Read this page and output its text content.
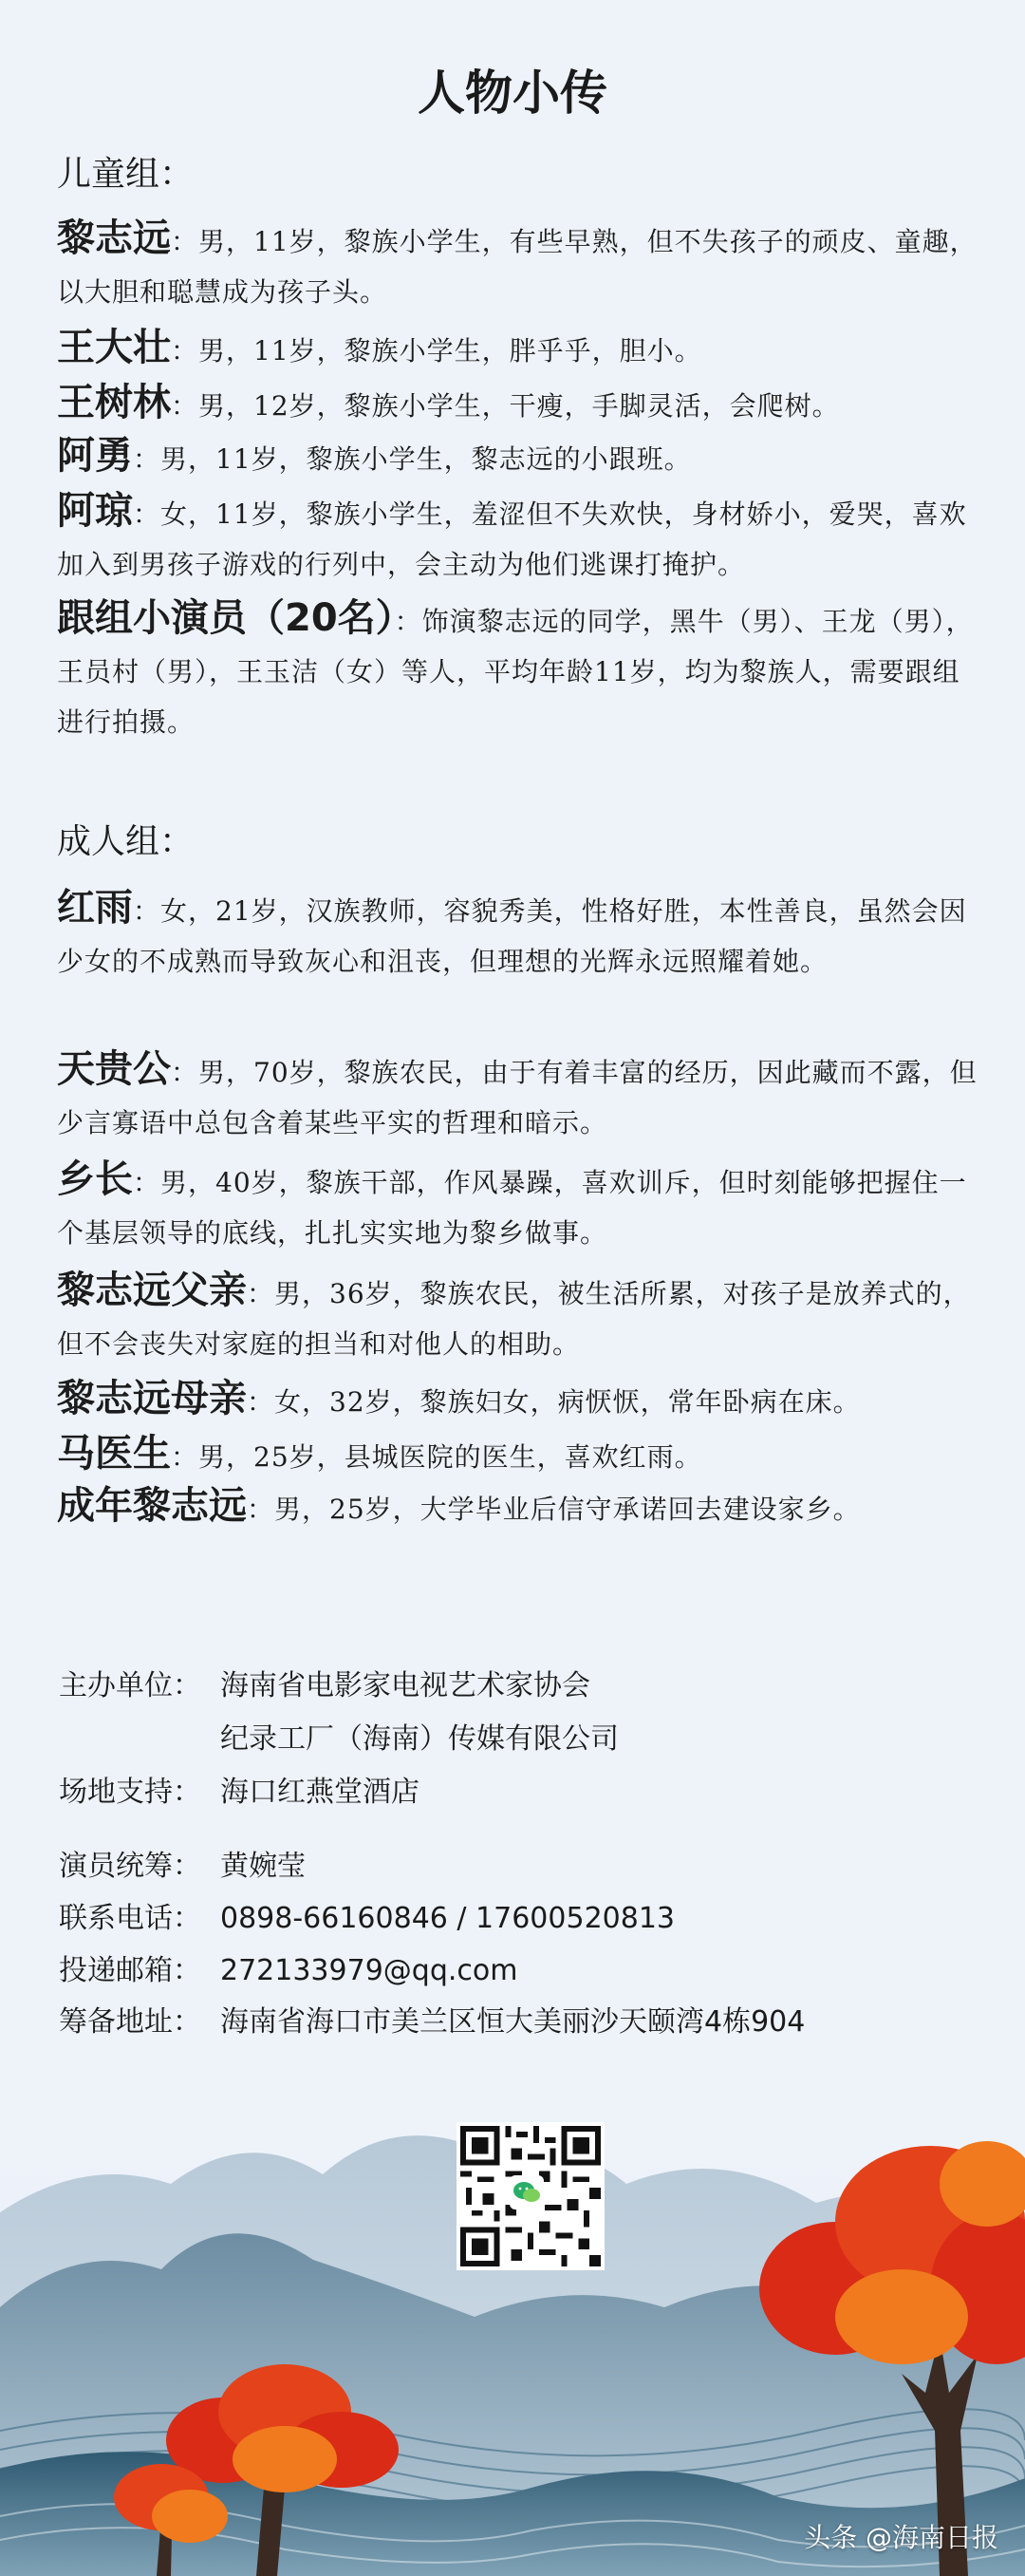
人物小传
儿童组：
黎志远：男，11岁，黎族小学生，有些早熟，但不失孩子的顽皮、童趣，以大胆和聪慧成为孩子头。
王大壮：男，11岁，黎族小学生，胖乎乎，胆小。
王树林：男，12岁，黎族小学生，干瘦，手脚灵活，会爬树。
阿勇：男，11岁，黎族小学生，黎志远的小跟班。
阿琼：女，11岁，黎族小学生，羞涩但不失欢快，身材娇小，爱哭，喜欢加入到男孩子游戏的行列中，会主动为他们逃课打掩护。
跟组小演员（20名）：饰演黎志远的同学，黑牛（男）、王龙（男），王员村（男），王玉洁（女）等人，平均年龄11岁，均为黎族人，需要跟组进行拍摄。
成人组：
红雨：女，21岁，汉族教师，容貌秀美，性格好胜，本性善良，虽然会因少女的不成熟而导致灰心和沮丧，但理想的光辉永远照耀着她。
天贵公：男，70岁，黎族农民，由于有着丰富的经历，因此藏而不露，但少言寡语中总包含着某些平实的哲理和暗示。
乡长：男，40岁，黎族干部，作风暴躁，喜欢训斥，但时刻能够把握住一个基层领导的底线，扎扎实实地为黎乡做事。
黎志远父亲：男，36岁，黎族农民，被生活所累，对孩子是放养式的，但不会丧失对家庭的担当和对他人的相助。
黎志远母亲：女，32岁，黎族妇女，病恹恹，常年卧病在床。
马医生：男，25岁，县城医院的医生，喜欢红雨。
成年黎志远：男，25岁，大学毕业后信守承诺回去建设家乡。
主办单位： 海南省电影家电视艺术家协会
纪录工厂（海南）传媒有限公司
场地支持： 海口红燕堂酒店
演员统筹： 黄婉莹
联系电话： 0898-66160846 / 17600520813
投递邮箱： 272133979@qq.com
筹备地址： 海南省海口市美兰区恒大美丽沙天颐湾4栋904
头条 @海南日报
